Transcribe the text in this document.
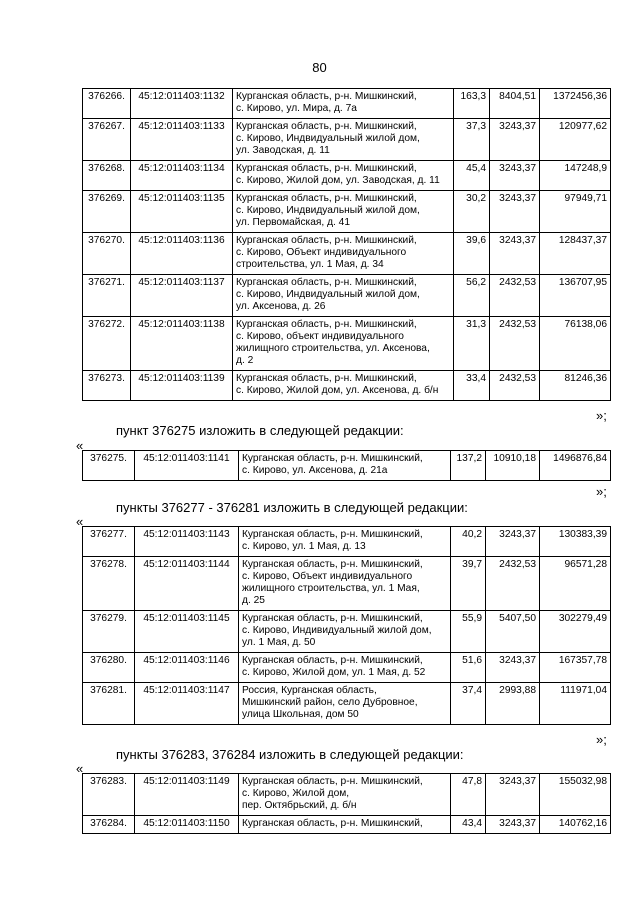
80
376266.	45:12:011403:1132	Курганская область, р-н. Мишкинский,
с. Кирово, ул. Мира, д. 7а	163,3	8404,51	1372456,36
376267.	45:12:011403:1133	Курганская область, р-н. Мишкинский,
с. Кирово, Индвидуальный жилой дом,
ул. Заводская, д. 11	37,3	3243,37	120977,62
376268.	45:12:011403:1134	Курганская область, р-н. Мишкинский,
с. Кирово, Жилой дом, ул. Заводская, д. 11	45,4	3243,37	147248,9
376269.	45:12:011403:1135	Курганская область, р-н. Мишкинский,
с. Кирово, Индвидуальный жилой дом,
ул. Первомайская, д. 41	30,2	3243,37	97949,71
376270.	45:12:011403:1136	Курганская область, р-н. Мишкинский,
с. Кирово, Объект индивидуального
строительства, ул. 1 Мая, д. 34	39,6	3243,37	128437,37
376271.	45:12:011403:1137	Курганская область, р-н. Мишкинский,
с. Кирово, Индвидуальный жилой дом,
ул. Аксенова, д. 26	56,2	2432,53	136707,95
376272.	45:12:011403:1138	Курганская область, р-н. Мишкинский,
с. Кирово, объект индивидуального
жилищного строительства, ул. Аксенова,
д. 2	31,3	2432,53	76138,06
376273.	45:12:011403:1139	Курганская область, р-н. Мишкинский,
с. Кирово, Жилой дом, ул. Аксенова, д. б/н	33,4	2432,53	81246,36
»;
пункт 376275 изложить в следующей редакции:
«
376275.	45:12:011403:1141	Курганская область, р-н. Мишкинский,
с. Кирово, ул. Аксенова, д. 21а	137,2	10910,18	1496876,84
»;
пункты 376277 - 376281 изложить в следующей редакции:
«
376277.	45:12:011403:1143	Курганская область, р-н. Мишкинский,
с. Кирово, ул. 1 Мая, д. 13	40,2	3243,37	130383,39
376278.	45:12:011403:1144	Курганская область, р-н. Мишкинский,
с. Кирово, Объект индивидуального
жилищного строительства, ул. 1 Мая,
д. 25	39,7	2432,53	96571,28
376279.	45:12:011403:1145	Курганская область, р-н. Мишкинский,
с. Кирово, Индивидуальный жилой дом,
ул. 1 Мая, д. 50	55,9	5407,50	302279,49
376280.	45:12:011403:1146	Курганская область, р-н. Мишкинский,
с. Кирово, Жилой дом, ул. 1 Мая, д. 52	51,6	3243,37	167357,78
376281.	45:12:011403:1147	Россия, Курганская область,
Мишкинский район, село Дубровное,
улица Школьная, дом 50	37,4	2993,88	111971,04
»;
пункты 376283, 376284 изложить в следующей редакции:
«
376283.	45:12:011403:1149	Курганская область, р-н. Мишкинский,
с. Кирово, Жилой дом,
пер. Октябрьский, д. б/н	47,8	3243,37	155032,98
376284.	45:12:011403:1150	Курганская область, р-н. Мишкинский,	43,4	3243,37	140762,16
